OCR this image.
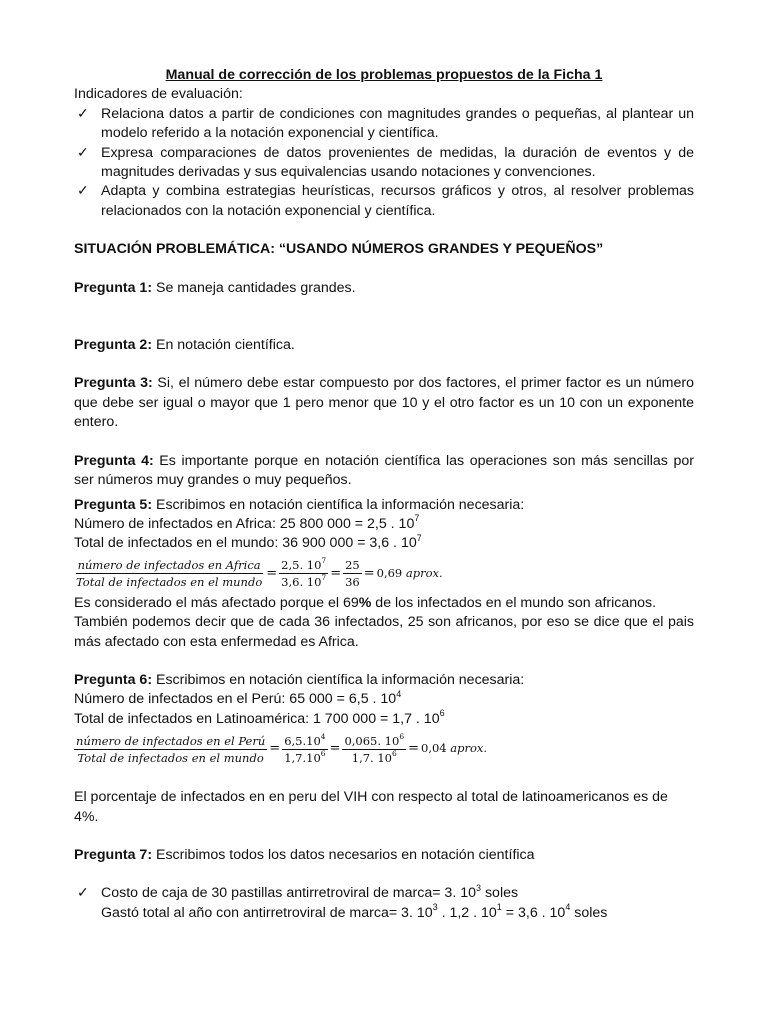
Manual de corrección de los problemas propuestos de la Ficha 1
Indicadores de evaluación:
✓ Relaciona datos a partir de condiciones con magnitudes grandes o pequeñas, al plantear un modelo referido a la notación exponencial y científica.
✓ Expresa comparaciones de datos provenientes de medidas, la duración de eventos y de magnitudes derivadas y sus equivalencias usando notaciones y convenciones.
✓ Adapta y combina estrategias heurísticas, recursos gráficos y otros, al resolver problemas relacionados con la notación exponencial y científica.
SITUACIÓN PROBLEMÁTICA: “USANDO NÚMEROS GRANDES Y PEQUEÑOS”
Pregunta 1: Se maneja cantidades grandes.
Pregunta 2: En notación científica.
Pregunta 3: Si, el número debe estar compuesto por dos factores, el primer factor es un número que debe ser igual o mayor que 1 pero menor que 10 y el otro factor es un 10 con un exponente entero.
Pregunta 4: Es importante porque en notación científica las operaciones son más sencillas por ser números muy grandes o muy pequeños.
Pregunta 5: Escribimos en notación científica la información necesaria:
Número de infectados en Africa: 25 800 000 = 2,5 . $10^7$
Total de infectados en el mundo: 36 900 000 = 3,6 . $10^7$
$\frac{\text{número de infectados en Africa}}{\text{Total de infectados en el mundo}} = \frac{2,5. 10^7}{3,6. 10^7} = \frac{25}{36} = 0,69$
aprox.
Es considerado el más afectado porque el 69% de los infectados en el mundo son africanos.
También podemos decir que de cada 36 infectados, 25 son africanos, por eso se dice que el pais más afectado con esta enfermedad es Africa.
Pregunta 6: Escribimos en notación científica la información necesaria:
Número de infectados en el Perú: 65 000 = 6,5 . $10^4$
Total de infectados en Latinoamérica: 1 700 000 = 1,7 . $10^6$
$\frac{\text{número de infectados en el Perú}}{\text{Total de infectados en el mundo}} = \frac{6,5.10^4}{1,7.10^6} = \frac{0,065. 10^6}{1,7. 10^6} = 0,04$
aprox.
El porcentaje de infectados en en peru del VIH con respecto al total de latinoamericanos es de 4%.
Pregunta 7: Escribimos todos los datos necesarios en notación científica
✓ Costo de caja de 30 pastillas antirretroviral de marca= 3. $10^3$ soles
Gastó total al año con antirretroviral de marca= 3. $10^3$ . 1,2 . $10^1 = 3,6$ . $10^4$ soles
